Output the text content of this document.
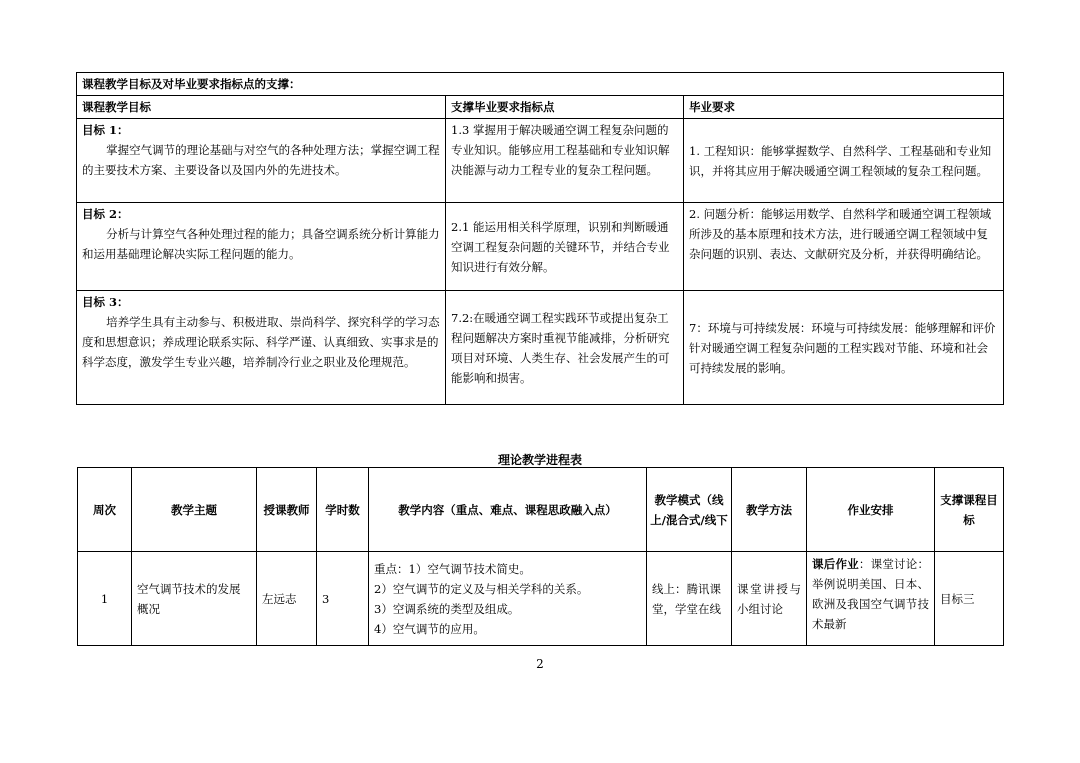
课程教学目标及对毕业要求指标点的支撑：		
课程教学目标	支撑毕业要求指标点	毕业要求
目标 1：
掌握空气调节的理论基础与对空气的各种处理方法；掌握空调工程的主要技术方案、主要设备以及国内外的先进技术。	1.3 掌握用于解决暖通空调工程复杂问题的专业知识。能够应用工程基础和专业知识解决能源与动力工程专业的复杂工程问题。	1. 工程知识：能够掌握数学、自然科学、工程基础和专业知识，并将其应用于解决暖通空调工程领域的复杂工程问题。
目标 2：
分析与计算空气各种处理过程的能力；具备空调系统分析计算能力和运用基础理论解决实际工程问题的能力。	2.1 能运用相关科学原理，识别和判断暖通空调工程复杂问题的关键环节，并结合专业知识进行有效分解。	2. 问题分析：能够运用数学、自然科学和暖通空调工程领域所涉及的基本原理和技术方法，进行暖通空调工程领域中复杂问题的识别、表达、文献研究及分析，并获得明确结论。
目标 3：
培养学生具有主动参与、积极进取、崇尚科学、探究科学的学习态度和思想意识；养成理论联系实际、科学严谨、认真细致、实事求是的科学态度，激发学生专业兴趣，培养制冷行业之职业及伦理规范。	7.2:在暖通空调工程实践环节或提出复杂工程问题解决方案时重视节能减排，分析研究项目对环境、人类生存、社会发展产生的可能影响和损害。	7：环境与可持续发展：环境与可持续发展：能够理解和评价针对暖通空调工程复杂问题的工程实践对节能、环境和社会可持续发展的影响。
理论教学进程表
周次	教学主题	授课教师	学时数	教学内容（重点、难点、课程思政融入点）	教学模式（线上/混合式/线下	教学方法	作业安排	支撑课程目标
1	空气调节技术的发展概况	左远志	3	重点：1）空气调节技术简史。
2）空气调节的定义及与相关学科的关系。
3）空调系统的类型及组成。
4）空气调节的应用。	线上：腾讯课堂，学堂在线	课堂讲授与小组讨论	课后作业：课堂讨论：举例说明美国、日本、欧洲及我国空气调节技术最新	目标三
2
